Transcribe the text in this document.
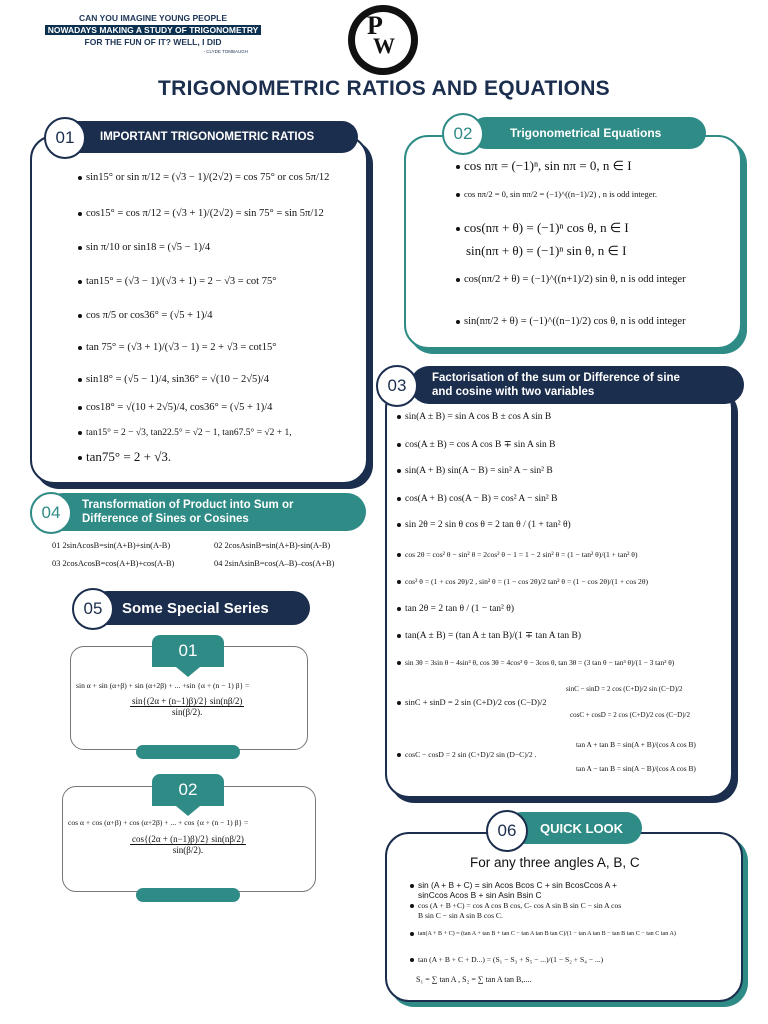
CAN YOU IMAGINE YOUNG PEOPLE
NOWADAYS MAKING A STUDY OF TRIGONOMETRY
FOR THE FUN OF IT? WELL, I DID
- CLYDE TOMBAUGH
P
W
TRIGONOMETRIC RATIOS AND EQUATIONS
IMPORTANT TRIGONOMETRIC RATIOS
01
sin15° or sin π/12 = (√3 − 1)/(2√2) = cos 75° or cos 5π/12
cos15° = cos π/12 = (√3 + 1)/(2√2) = sin 75° = sin 5π/12
sin π/10 or sin18 = (√5 − 1)/4
tan15° = (√3 − 1)/(√3 + 1) = 2 − √3 = cot 75°
cos π/5 or cos36° = (√5 + 1)/4
tan 75° = (√3 + 1)/(√3 − 1) = 2 + √3 = cot15°
sin18° = (√5 − 1)/4, sin36° = √(10 − 2√5)/4
cos18° = √(10 + 2√5)/4, cos36° = (√5 + 1)/4
tan15° = 2 − √3, tan22.5° = √2 − 1, tan67.5° = √2 + 1,
tan75° = 2 + √3.
Trigonometrical Equations
02
cos nπ = (−1)ⁿ, sin nπ = 0, n ∈ I
cos nπ/2 = 0, sin nπ/2 = (−1)^((n−1)/2) , n is odd integer.
cos(nπ + θ) = (−1)ⁿ cos θ, n ∈ I
sin(nπ + θ) = (−1)ⁿ sin θ, n ∈ I
cos(nπ/2 + θ) = (−1)^((n+1)/2) sin θ, n is odd integer
sin(nπ/2 + θ) = (−1)^((n−1)/2) cos θ, n is odd integer
Factorisation of the sum or Difference of sine
and cosine with two variables
03
sin(A ± B) = sin A cos B ± cos A sin B
cos(A ± B) = cos A cos B ∓ sin A sin B
sin(A + B) sin(A − B) = sin² A − sin² B
cos(A + B) cos(A − B) = cos² A − sin² B
sin 2θ = 2 sin θ cos θ = 2 tan θ / (1 + tan² θ)
cos 2θ = cos² θ − sin² θ = 2cos² θ − 1 = 1 − 2 sin² θ = (1 − tan² θ)/(1 + tan² θ)
cos² θ = (1 + cos 2θ)/2 , sin² θ = (1 − cos 2θ)/2 tan² θ = (1 − cos 2θ)/(1 + cos 2θ)
tan 2θ = 2 tan θ / (1 − tan² θ)
tan(A ± B) = (tan A ± tan B)/(1 ∓ tan A tan B)
sin 3θ = 3sin θ − 4sin³ θ, cos 3θ = 4cos³ θ − 3cos θ, tan 3θ = (3 tan θ − tan³ θ)/(1 − 3 tan² θ)
sinC + sinD = 2 sin (C+D)/2 cos (C−D)/2
sinC − sinD = 2 cos (C+D)/2 sin (C−D)/2
cosC + cosD = 2 cos (C+D)/2 cos (C−D)/2
cosC − cosD = 2 sin (C+D)/2 sin (D−C)/2 .
tan A + tan B = sin(A + B)/(cos A cos B)
tan A − tan B = sin(A − B)/(cos A cos B)
Transformation of Product into Sum or
Difference of Sines or Cosines
04
01 2sinAcosB=sin(A+B)+sin(A-B)	02 2cosAsinB=sin(A+B)-sin(A-B)
03 2cosAcosB=cos(A+B)+cos(A-B)	04 2sinAsinB=cos(A–B)–cos(A+B)
Some Special Series
05
01
sin α + sin (α+β) + sin (α+2β) + ... +sin {α + (n − 1) β} =
$\frac{\sin\{(2\alpha + (n-1)\beta)/2\} \sin(n\beta/2)}{\sin(\beta/2).}$
02
cos α + cos (α+β) + cos (α+2β) + ... + cos {α + (n − 1) β} =
$\frac{\cos\{(2\alpha + (n-1)\beta)/2\} \sin(n\beta/2)}{\sin(\beta/2).}$
QUICK LOOK
06
For any three angles A, B, C
sin (A + B + C) = sin Acos Bcos C + sin BcosCcos A +
sinCcos Acos B + sin Asin Bsin C
cos (A + B +C) = cos A cos B cos, C- cos A sin B sin C − sin A cos
B sin C − sin A sin B cos C.
tan(A + B + C) = (tan A + tan B + tan C − tan A tan B tan C)/(1 − tan A tan B − tan B tan C − tan C tan A)
tan (A + B + C + D...) = (S₁ − S₃ + S₅ − ...)/(1 − S₂ + S₄ − ...)
S₁ = ∑ tan A , S₂ = ∑ tan A tan B,....
